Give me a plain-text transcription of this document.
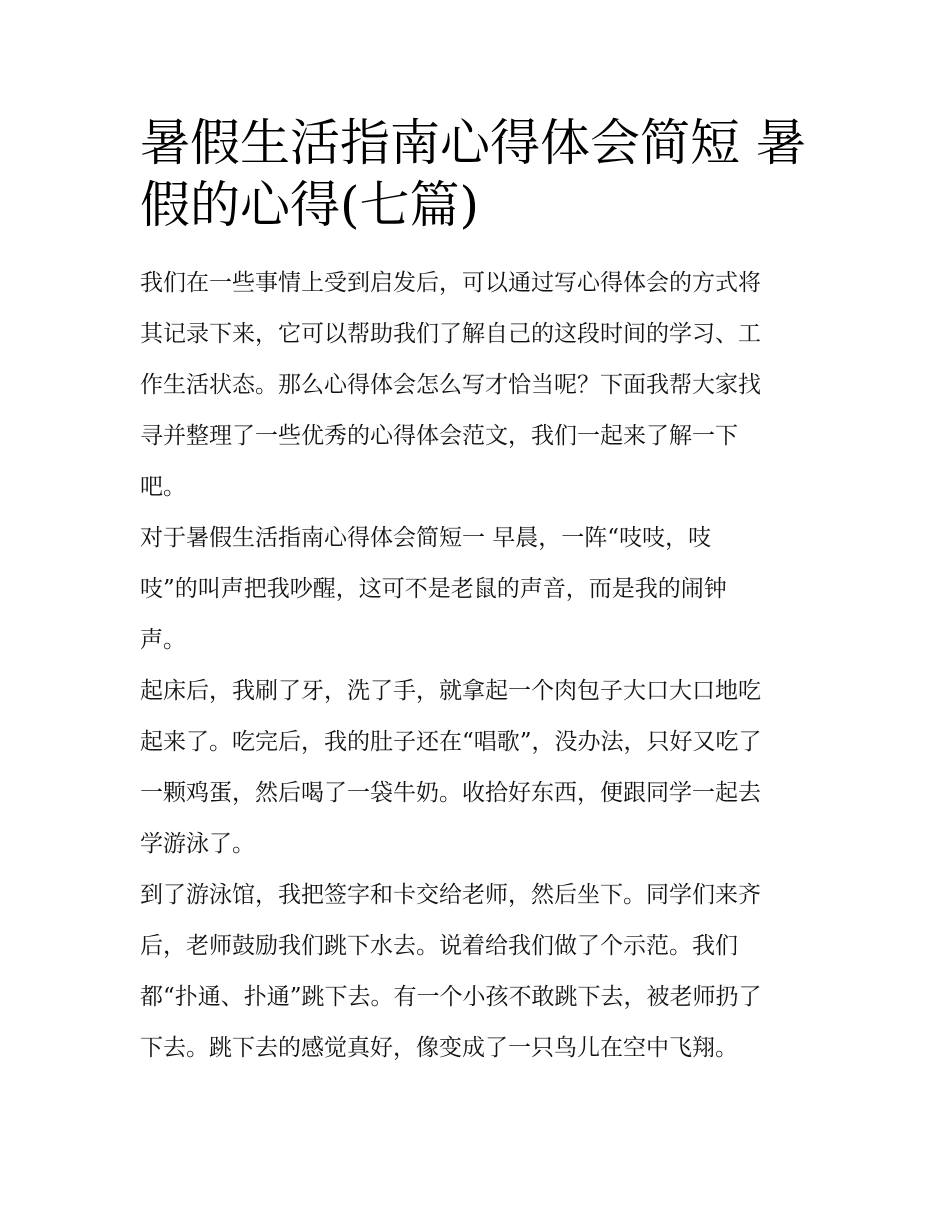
暑假生活指南心得体会简短 暑
假的心得(七篇)

我们在一些事情上受到启发后，可以通过写心得体会的方式将
其记录下来，它可以帮助我们了解自己的这段时间的学习、工
作生活状态。那么心得体会怎么写才恰当呢？下面我帮大家找
寻并整理了一些优秀的心得体会范文，我们一起来了解一下
吧。

对于暑假生活指南心得体会简短一 早晨，一阵“吱吱，吱
吱”的叫声把我吵醒，这可不是老鼠的声音，而是我的闹钟
声。

起床后，我刷了牙，洗了手，就拿起一个肉包子大口大口地吃
起来了。吃完后，我的肚子还在“唱歌”，没办法，只好又吃了
一颗鸡蛋，然后喝了一袋牛奶。收拾好东西，便跟同学一起去
学游泳了。

到了游泳馆，我把签字和卡交给老师，然后坐下。同学们来齐
后，老师鼓励我们跳下水去。说着给我们做了个示范。我们
都“扑通、扑通”跳下去。有一个小孩不敢跳下去，被老师扔了
下去。跳下去的感觉真好，像变成了一只鸟儿在空中飞翔。
